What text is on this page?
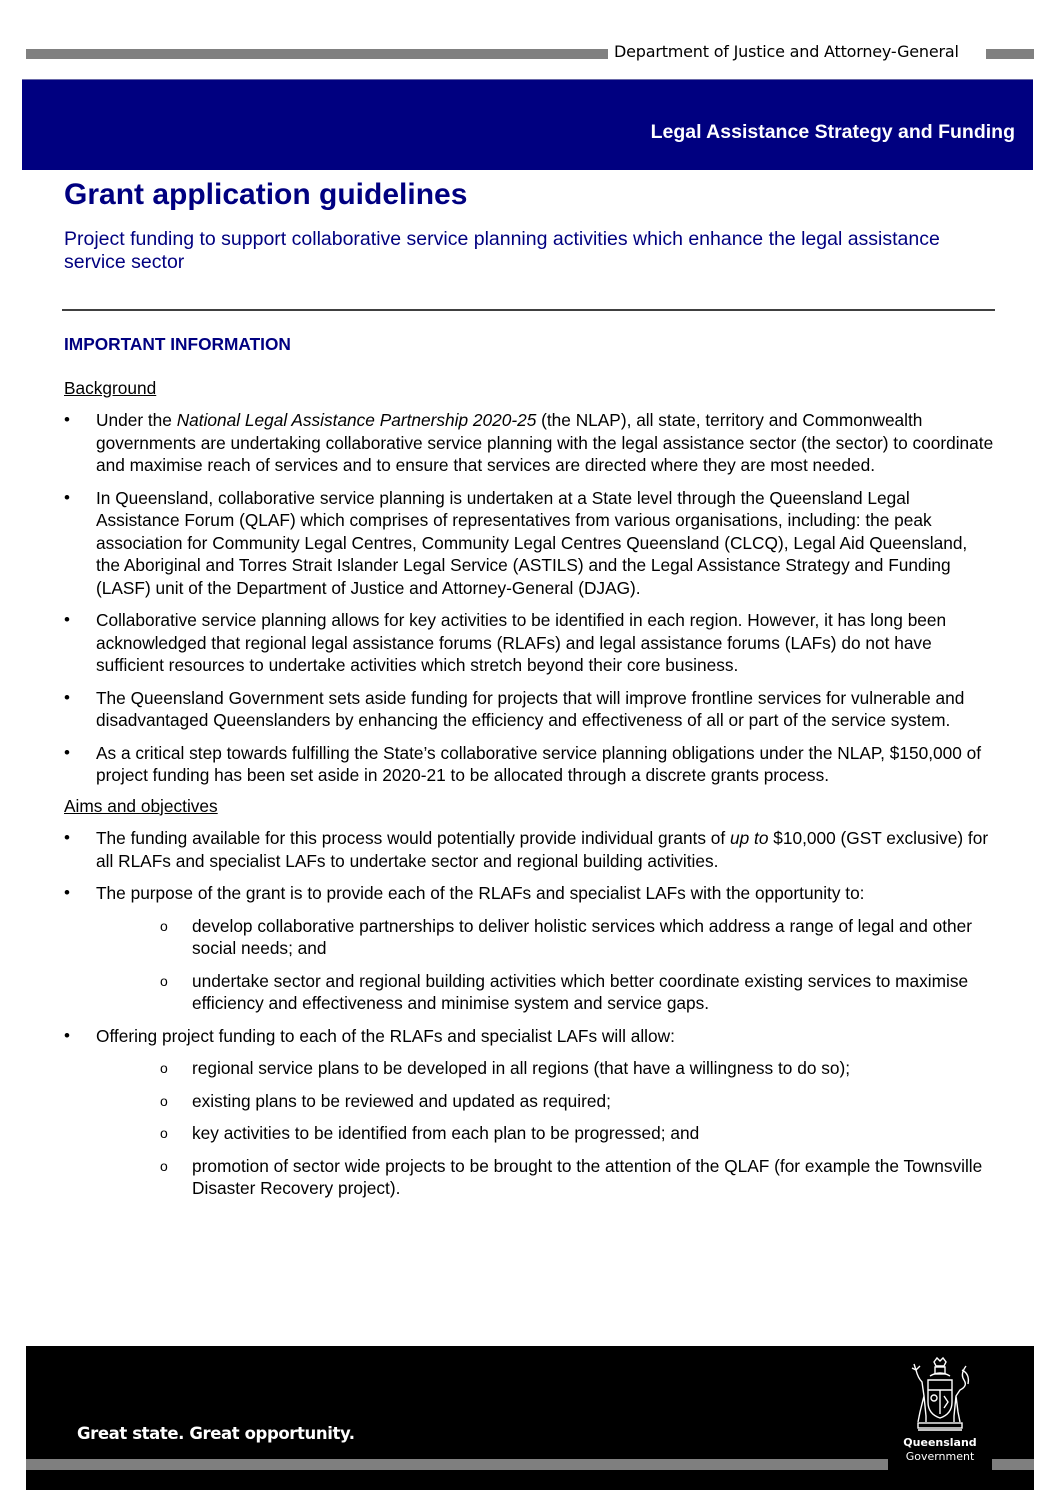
Department of Justice and Attorney-General
Legal Assistance Strategy and Funding
Grant application guidelines

Project funding to support collaborative service planning activities which enhance the legal assistance service sector

IMPORTANT INFORMATION
Background
• Under the National Legal Assistance Partnership 2020-25 (the NLAP), all state, territory and Commonwealth governments are undertaking collaborative service planning with the legal assistance sector (the sector) to coordinate and maximise reach of services and to ensure that services are directed where they are most needed.
• In Queensland, collaborative service planning is undertaken at a State level through the Queensland Legal Assistance Forum (QLAF) which comprises of representatives from various organisations, including: the peak association for Community Legal Centres, Community Legal Centres Queensland (CLCQ), Legal Aid Queensland, the Aboriginal and Torres Strait Islander Legal Service (ASTILS) and the Legal Assistance Strategy and Funding (LASF) unit of the Department of Justice and Attorney-General (DJAG).
• Collaborative service planning allows for key activities to be identified in each region. However, it has long been acknowledged that regional legal assistance forums (RLAFs) and legal assistance forums (LAFs) do not have sufficient resources to undertake activities which stretch beyond their core business.
• The Queensland Government sets aside funding for projects that will improve frontline services for vulnerable and disadvantaged Queenslanders by enhancing the efficiency and effectiveness of all or part of the service system.
• As a critical step towards fulfilling the State’s collaborative service planning obligations under the NLAP, $150,000 of project funding has been set aside in 2020-21 to be allocated through a discrete grants process.
Aims and objectives
• The funding available for this process would potentially provide individual grants of up to $10,000 (GST exclusive) for all RLAFs and specialist LAFs to undertake sector and regional building activities.
• The purpose of the grant is to provide each of the RLAFs and specialist LAFs with the opportunity to:
o develop collaborative partnerships to deliver holistic services which address a range of legal and other social needs; and
o undertake sector and regional building activities which better coordinate existing services to maximise efficiency and effectiveness and minimise system and service gaps.
• Offering project funding to each of the RLAFs and specialist LAFs will allow:
o regional service plans to be developed in all regions (that have a willingness to do so);
o existing plans to be reviewed and updated as required;
o key activities to be identified from each plan to be progressed; and
o promotion of sector wide projects to be brought to the attention of the QLAF (for example the Townsville Disaster Recovery project).
Great state. Great opportunity.	Queensland
Government
